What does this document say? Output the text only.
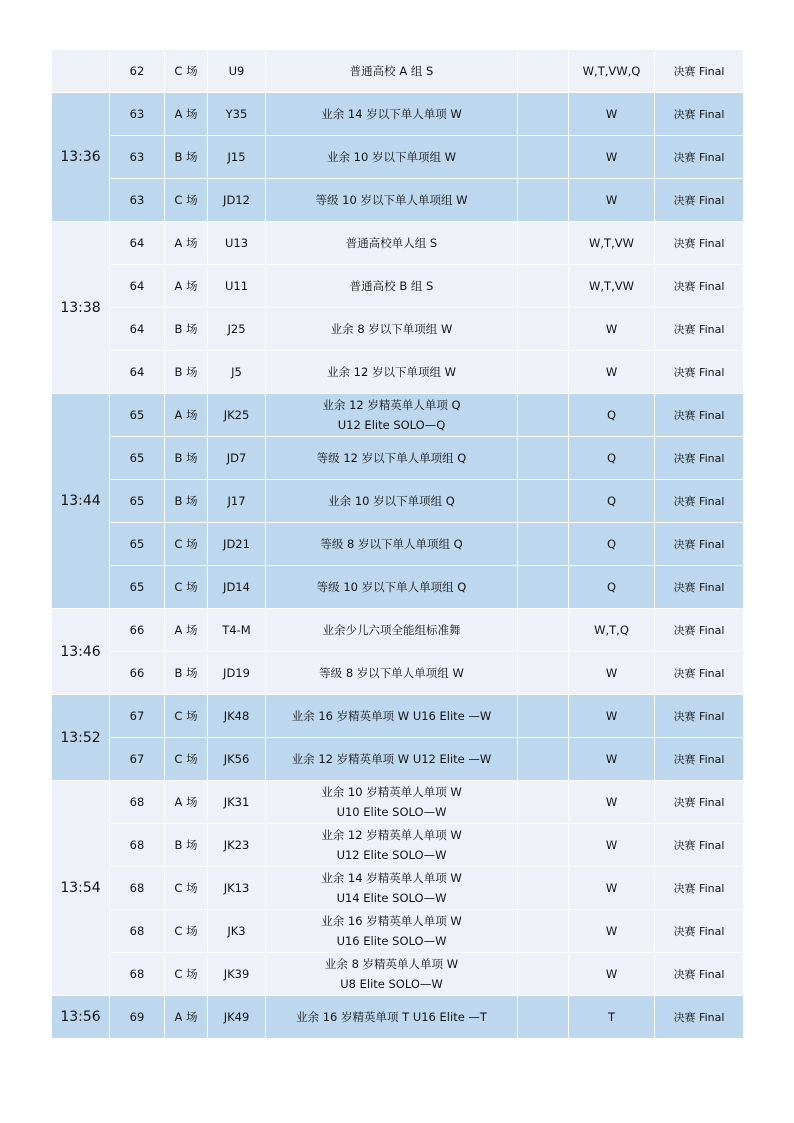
	62	C 场	U9	普通高校 A 组 S		W,T,VW,Q	决赛 Final
13:36	63	A 场	Y35	业余 14 岁以下单人单项 W		W	决赛 Final
	63	B 场	J15	业余 10 岁以下单项组 W		W	决赛 Final
	63	C 场	JD12	等级 10 岁以下单人单项组 W		W	决赛 Final
13:38	64	A 场	U13	普通高校单人组 S		W,T,VW	决赛 Final
	64	A 场	U11	普通高校 B 组 S		W,T,VW	决赛 Final
	64	B 场	J25	业余 8 岁以下单项组 W		W	决赛 Final
	64	B 场	J5	业余 12 岁以下单项组 W		W	决赛 Final
13:44	65	A 场	JK25	业余 12 岁精英单人单项 Q
U12 Elite SOLO—Q		Q	决赛 Final
	65	B 场	JD7	等级 12 岁以下单人单项组 Q		Q	决赛 Final
	65	B 场	J17	业余 10 岁以下单项组 Q		Q	决赛 Final
	65	C 场	JD21	等级 8 岁以下单人单项组 Q		Q	决赛 Final
	65	C 场	JD14	等级 10 岁以下单人单项组 Q		Q	决赛 Final
13:46	66	A 场	T4-M	业余少儿六项全能组标准舞		W,T,Q	决赛 Final
	66	B 场	JD19	等级 8 岁以下单人单项组 W		W	决赛 Final
13:52	67	C 场	JK48	业余 16 岁精英单项 W U16 Elite —W		W	决赛 Final
	67	C 场	JK56	业余 12 岁精英单项 W U12 Elite —W		W	决赛 Final
13:54	68	A 场	JK31	业余 10 岁精英单人单项 W
U10 Elite SOLO—W		W	决赛 Final
	68	B 场	JK23	业余 12 岁精英单人单项 W
U12 Elite SOLO—W		W	决赛 Final
	68	C 场	JK13	业余 14 岁精英单人单项 W
U14 Elite SOLO—W		W	决赛 Final
	68	C 场	JK3	业余 16 岁精英单人单项 W
U16 Elite SOLO—W		W	决赛 Final
	68	C 场	JK39	业余 8 岁精英单人单项 W
U8 Elite SOLO—W		W	决赛 Final
13:56	69	A 场	JK49	业余 16 岁精英单项 T U16 Elite —T		T	决赛 Final
